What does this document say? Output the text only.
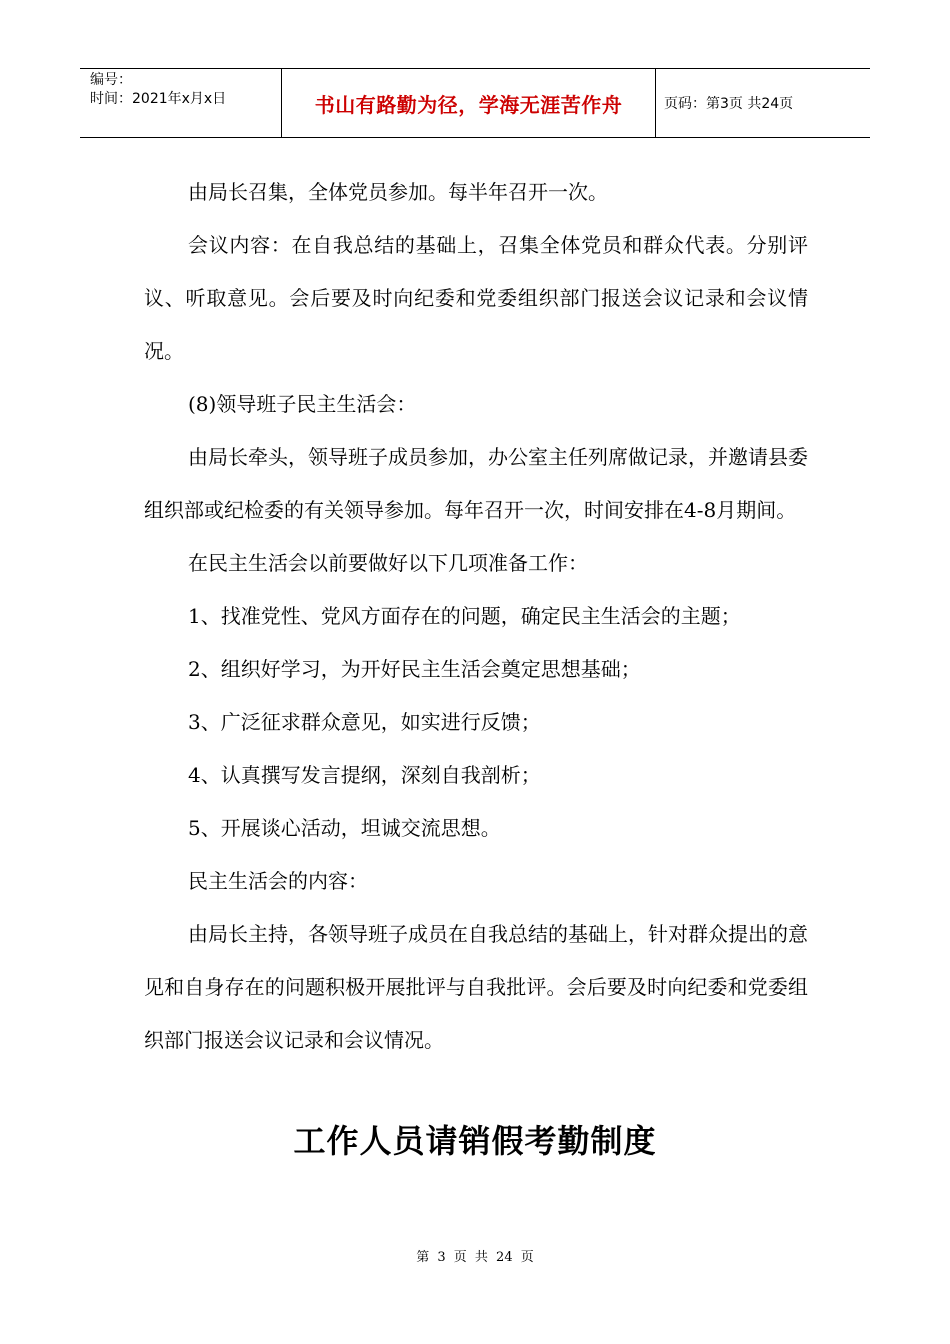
编号：
时间：2021年x月x日	书山有路勤为径，学海无涯苦作舟	页码：第3页 共24页

由局长召集，全体党员参加。每半年召开一次。

会议内容：在自我总结的基础上，召集全体党员和群众代表。分别评议、听取意见。会后要及时向纪委和党委组织部门报送会议记录和会议情况。

(8)领导班子民主生活会：

由局长牵头，领导班子成员参加，办公室主任列席做记录，并邀请县委组织部或纪检委的有关领导参加。每年召开一次，时间安排在4-8月期间。

在民主生活会以前要做好以下几项准备工作：

1、找准党性、党风方面存在的问题，确定民主生活会的主题；

2、组织好学习，为开好民主生活会奠定思想基础；

3、广泛征求群众意见，如实进行反馈；

4、认真撰写发言提纲，深刻自我剖析；

5、开展谈心活动，坦诚交流思想。

民主生活会的内容：

由局长主持，各领导班子成员在自我总结的基础上，针对群众提出的意见和自身存在的问题积极开展批评与自我批评。会后要及时向纪委和党委组织部门报送会议记录和会议情况。

工作人员请销假考勤制度
第 3 页 共 24 页
